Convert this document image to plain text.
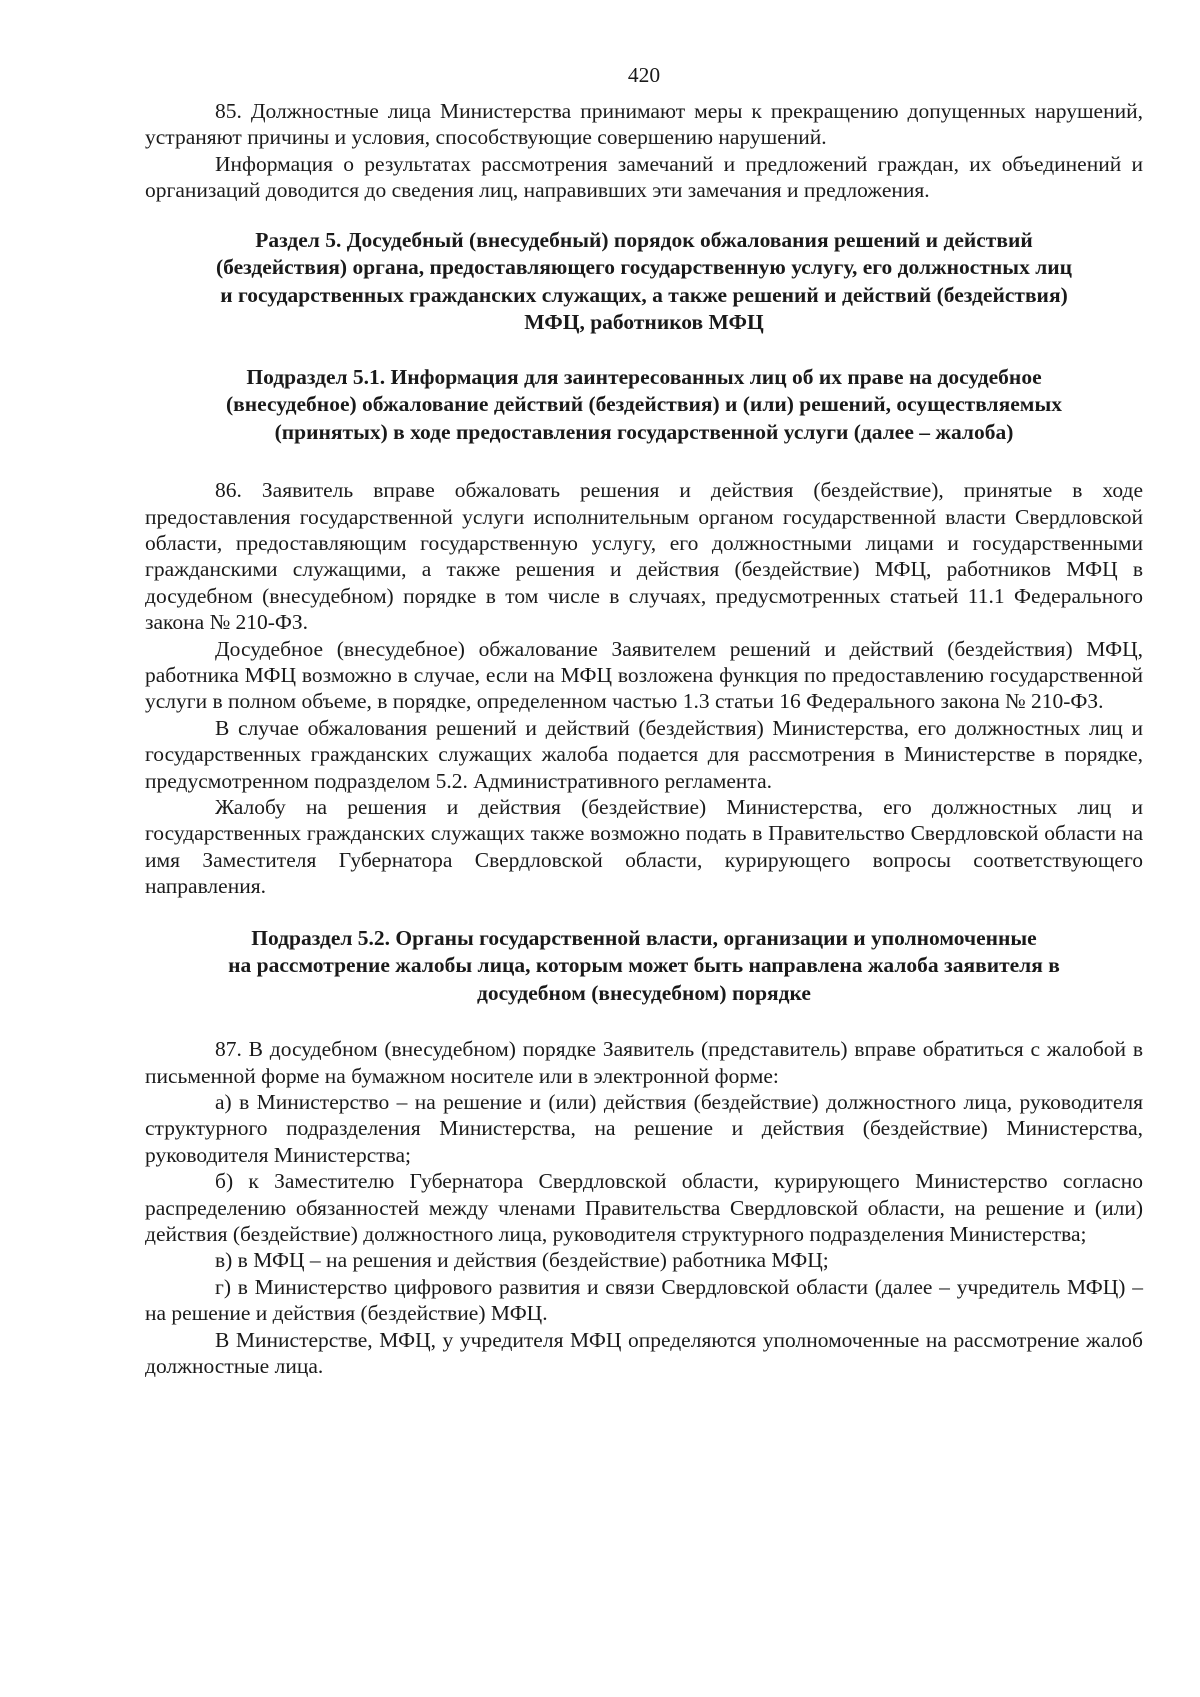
420

85. Должностные лица Министерства принимают меры к прекращению допущенных нарушений, устраняют причины и условия, способствующие совершению нарушений.

Информация о результатах рассмотрения замечаний и предложений граждан, их объединений и организаций доводится до сведения лиц, направивших эти замечания и предложения.

Раздел 5. Досудебный (внесудебный) порядок обжалования решений и действий
(бездействия) органа, предоставляющего государственную услугу, его должностных лиц
и государственных гражданских служащих, а также решений и действий (бездействия)
МФЦ, работников МФЦ
Подраздел 5.1. Информация для заинтересованных лиц об их праве на досудебное
(внесудебное) обжалование действий (бездействия) и (или) решений, осуществляемых
(принятых) в ходе предоставления государственной услуги (далее – жалоба)

86. Заявитель вправе обжаловать решения и действия (бездействие), принятые в ходе предоставления государственной услуги исполнительным органом государственной власти Свердловской области, предоставляющим государственную услугу, его должностными лицами и государственными гражданскими служащими, а также решения и действия (бездействие) МФЦ, работников МФЦ в досудебном (внесудебном) порядке в том числе в случаях, предусмотренных статьей 11.1 Федерального закона № 210-ФЗ.

Досудебное (внесудебное) обжалование Заявителем решений и действий (бездействия) МФЦ, работника МФЦ возможно в случае, если на МФЦ возложена функция по предоставлению государственной услуги в полном объеме, в порядке, определенном частью 1.3 статьи 16 Федерального закона № 210-ФЗ.

В случае обжалования решений и действий (бездействия) Министерства, его должностных лиц и государственных гражданских служащих жалоба подается для рассмотрения в Министерстве в порядке, предусмотренном подразделом 5.2. Административного регламента.

Жалобу на решения и действия (бездействие) Министерства, его должностных лиц и государственных гражданских служащих также возможно подать в Правительство Свердловской области на имя Заместителя Губернатора Свердловской области, курирующего вопросы соответствующего направления.

Подраздел 5.2. Органы государственной власти, организации и уполномоченные
на рассмотрение жалобы лица, которым может быть направлена жалоба заявителя в
досудебном (внесудебном) порядке

87. В досудебном (внесудебном) порядке Заявитель (представитель) вправе обратиться с жалобой в письменной форме на бумажном носителе или в электронной форме:

а) в Министерство – на решение и (или) действия (бездействие) должностного лица, руководителя структурного подразделения Министерства, на решение и действия (бездействие) Министерства, руководителя Министерства;

б) к Заместителю Губернатора Свердловской области, курирующего Министерство согласно распределению обязанностей между членами Правительства Свердловской области, на решение и (или) действия (бездействие) должностного лица, руководителя структурного подразделения Министерства;

в) в МФЦ – на решения и действия (бездействие) работника МФЦ;

г) в Министерство цифрового развития и связи Свердловской области (далее – учредитель МФЦ) – на решение и действия (бездействие) МФЦ.

В Министерстве, МФЦ, у учредителя МФЦ определяются уполномоченные на рассмотрение жалоб должностные лица.
